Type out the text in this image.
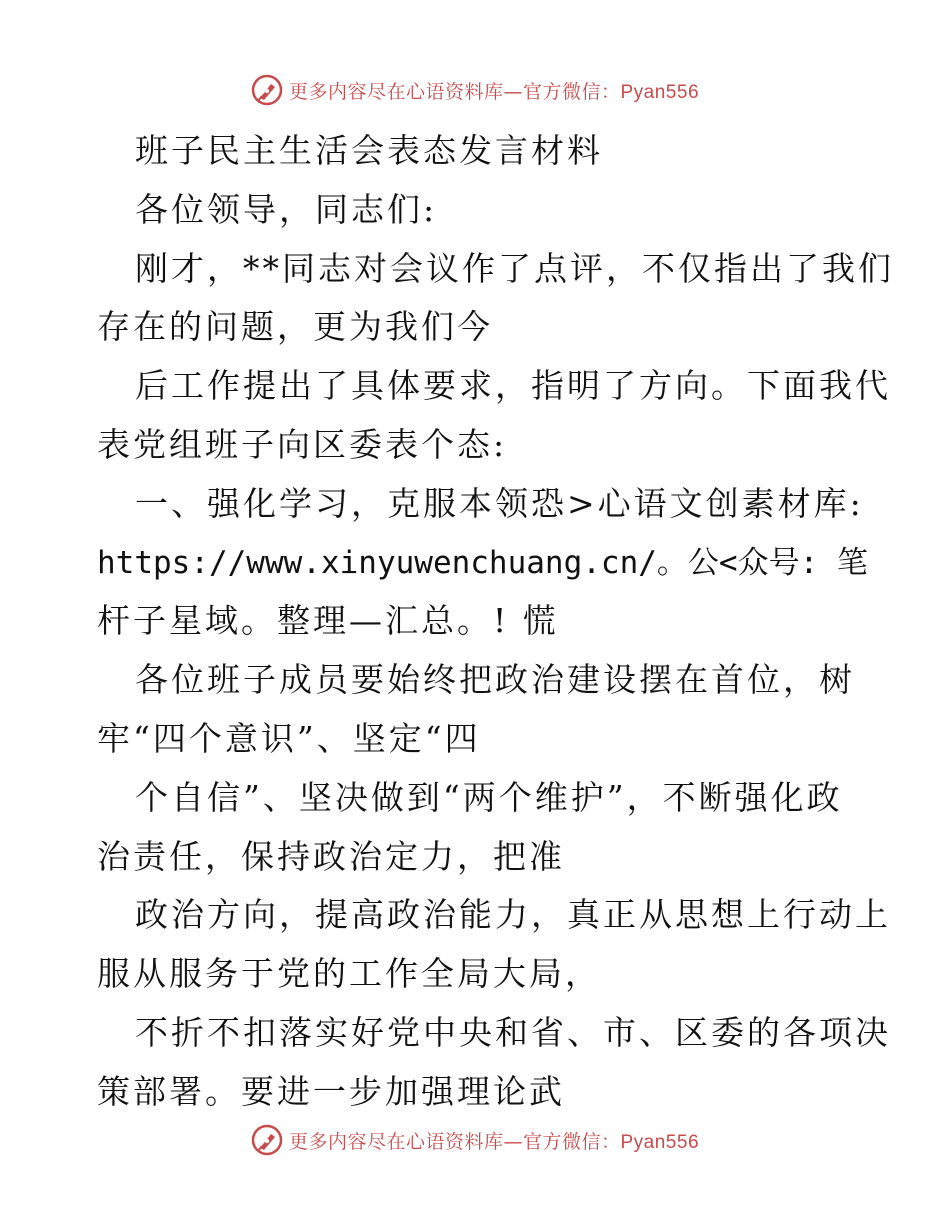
更多内容尽在心语资料库—官方微信：Pyan556
班子民主生活会表态发言材料
各位领导，同志们:
刚才，**同志对会议作了点评，不仅指出了我们
存在的问题，更为我们今
后工作提出了具体要求，指明了方向。下面我代
表党组班子向区委表个态:
一、强化学习，克服本领恐>心语文创素材库:
https://www.xinyuwenchuang.cn/。公<众号: 笔
杆子星域。整理—汇总。! 慌
各位班子成员要始终把政治建设摆在首位，树
牢“四个意识”、坚定“四
个自信”、坚决做到“两个维护”，不断强化政
治责任，保持政治定力，把准
政治方向，提高政治能力，真正从思想上行动上
服从服务于党的工作全局大局，
不折不扣落实好党中央和省、市、区委的各项决
策部署。要进一步加强理论武
更多内容尽在心语资料库—官方微信：Pyan556
